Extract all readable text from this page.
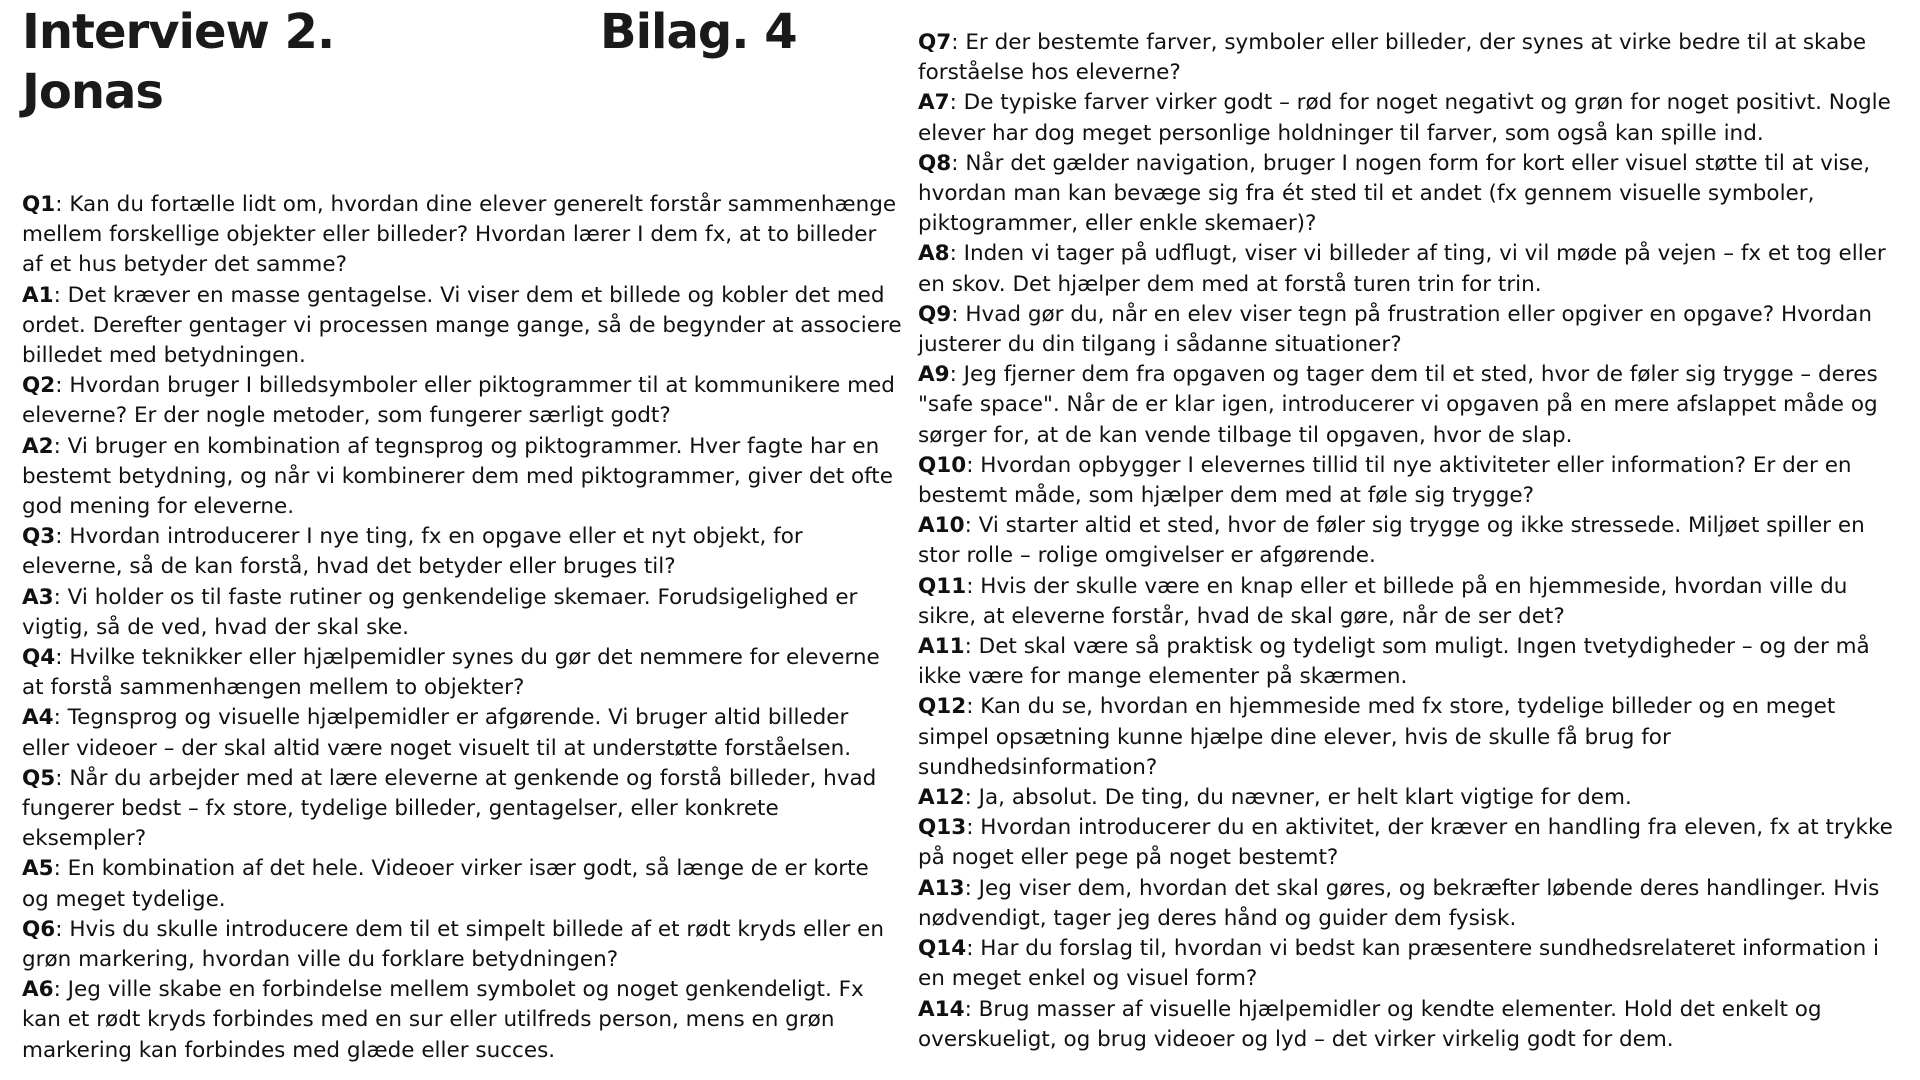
Interview 2.
Jonas
Bilag. 4

Q1: Kan du fortælle lidt om, hvordan dine elever generelt forstår sammenhænge mellem forskellige objekter eller billeder? Hvordan lærer I dem fx, at to billeder af et hus betyder det samme?

A1: Det kræver en masse gentagelse. Vi viser dem et billede og kobler det med ordet. Derefter gentager vi processen mange gange, så de begynder at associere billedet med betydningen.

Q2: Hvordan bruger I billedsymboler eller piktogrammer til at kommunikere med eleverne? Er der nogle metoder, som fungerer særligt godt?

A2: Vi bruger en kombination af tegnsprog og piktogrammer. Hver fagte har en bestemt betydning, og når vi kombinerer dem med piktogrammer, giver det ofte god mening for eleverne.

Q3: Hvordan introducerer I nye ting, fx en opgave eller et nyt objekt, for eleverne, så de kan forstå, hvad det betyder eller bruges til?

A3: Vi holder os til faste rutiner og genkendelige skemaer. Forudsigelighed er vigtig, så de ved, hvad der skal ske.

Q4: Hvilke teknikker eller hjælpemidler synes du gør det nemmere for eleverne at forstå sammenhængen mellem to objekter?

A4: Tegnsprog og visuelle hjælpemidler er afgørende. Vi bruger altid billeder eller videoer – der skal altid være noget visuelt til at understøtte forståelsen.

Q5: Når du arbejder med at lære eleverne at genkende og forstå billeder, hvad fungerer bedst – fx store, tydelige billeder, gentagelser, eller konkrete eksempler?

A5: En kombination af det hele. Videoer virker især godt, så længe de er korte og meget tydelige.

Q6: Hvis du skulle introducere dem til et simpelt billede af et rødt kryds eller en grøn markering, hvordan ville du forklare betydningen?

A6: Jeg ville skabe en forbindelse mellem symbolet og noget genkendeligt. Fx kan et rødt kryds forbindes med en sur eller utilfreds person, mens en grøn markering kan forbindes med glæde eller succes.

Q7: Er der bestemte farver, symboler eller billeder, der synes at virke bedre til at skabe forståelse hos eleverne?

A7: De typiske farver virker godt – rød for noget negativt og grøn for noget positivt. Nogle elever har dog meget personlige holdninger til farver, som også kan spille ind.

Q8: Når det gælder navigation, bruger I nogen form for kort eller visuel støtte til at vise, hvordan man kan bevæge sig fra ét sted til et andet (fx gennem visuelle symboler, piktogrammer, eller enkle skemaer)?

A8: Inden vi tager på udflugt, viser vi billeder af ting, vi vil møde på vejen – fx et tog eller en skov. Det hjælper dem med at forstå turen trin for trin.

Q9: Hvad gør du, når en elev viser tegn på frustration eller opgiver en opgave? Hvordan justerer du din tilgang i sådanne situationer?

A9: Jeg fjerner dem fra opgaven og tager dem til et sted, hvor de føler sig trygge – deres "safe space". Når de er klar igen, introducerer vi opgaven på en mere afslappet måde og sørger for, at de kan vende tilbage til opgaven, hvor de slap.

Q10: Hvordan opbygger I elevernes tillid til nye aktiviteter eller information? Er der en bestemt måde, som hjælper dem med at føle sig trygge?

A10: Vi starter altid et sted, hvor de føler sig trygge og ikke stressede. Miljøet spiller en stor rolle – rolige omgivelser er afgørende.

Q11: Hvis der skulle være en knap eller et billede på en hjemmeside, hvordan ville du sikre, at eleverne forstår, hvad de skal gøre, når de ser det?

A11: Det skal være så praktisk og tydeligt som muligt. Ingen tvetydigheder – og der må ikke være for mange elementer på skærmen.

Q12: Kan du se, hvordan en hjemmeside med fx store, tydelige billeder og en meget simpel opsætning kunne hjælpe dine elever, hvis de skulle få brug for sundhedsinformation?

A12: Ja, absolut. De ting, du nævner, er helt klart vigtige for dem.

Q13: Hvordan introducerer du en aktivitet, der kræver en handling fra eleven, fx at trykke på noget eller pege på noget bestemt?

A13: Jeg viser dem, hvordan det skal gøres, og bekræfter løbende deres handlinger. Hvis nødvendigt, tager jeg deres hånd og guider dem fysisk.

Q14: Har du forslag til, hvordan vi bedst kan præsentere sundhedsrelateret information i en meget enkel og visuel form?

A14: Brug masser af visuelle hjælpemidler og kendte elementer. Hold det enkelt og overskueligt, og brug videoer og lyd – det virker virkelig godt for dem.
